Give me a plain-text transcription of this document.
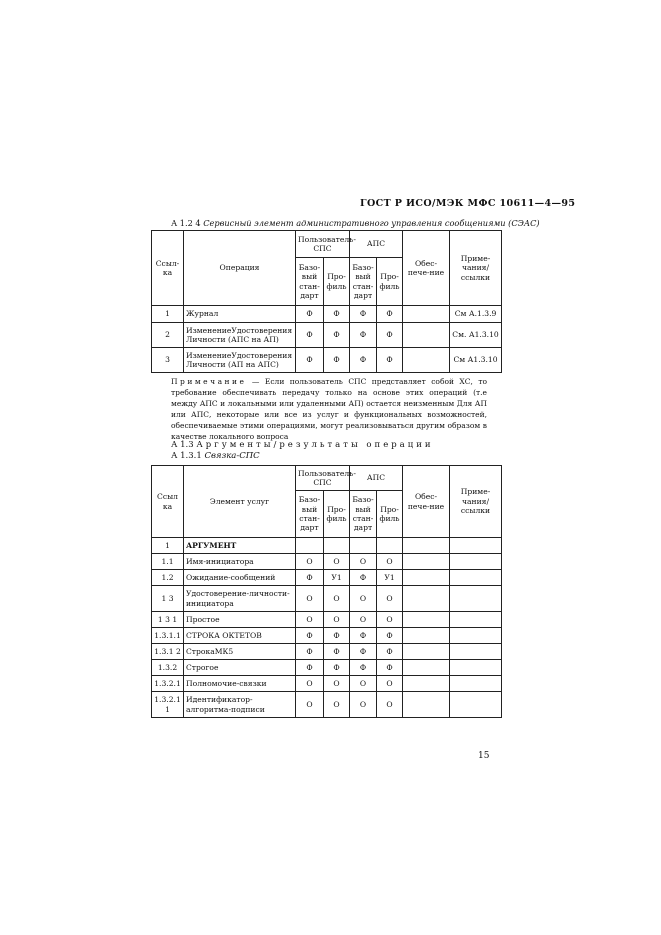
ГОСТ Р ИСО/МЭК МФС 10611—4—95
А 1.2 4 Сервисный элемент административного управления сообщениями (СЭАС)
Ссыл-ка	Операция	Пользователь-СПС		АПС		Обес-пече-ние	Приме-чания/ ссылки
		Базо-вый стан-дарт	Про-филь	Базо-вый стан-дарт	Про-филь		
1	Журнал	Ф	Ф	Ф	Ф		См А.1.3.9
2	ИзменениеУдостоверения Личности (АПС на АП)	Ф	Ф	Ф	Ф		См. А1.3.10
3	ИзменениеУдостоверения Личности (АП на АПС)	Ф	Ф	Ф	Ф		См А1.3.10
Примечание — Если пользователь СПС представляет собой ХС, то требование обеспечивать передачу только на основе этих операций (т.е между АПС и локальными или удаленными АП) остается неизменным Для АП или АПС, некоторые или все из услуг и функциональных возможностей, обеспечиваемые этими операциями, могут реализовываться другим образом в качестве локального вопроса
А 1.3 Аргументы/результаты операции
А 1.3.1 Связка-СПС
Ссыл ка	Элемент услуг	Пользователь-СПС		АПС		Обес-пече-ние	Приме-чания/ ссылки
		Базо-вый стан-дарт	Про-филь	Базо-вый стан-дарт	Про-филь		
1	АРГУМЕНТ						
1.1	Имя-инициатора	О	О	О	О		
1.2	Ожидание-сообщений	Ф	У1	Ф	У1		
1 3	Удостоверение-личности-инициатора	О	О	О	О		
1 3 1	Простое	О	О	О	О		
1.3.1.1	СТРОКА ОКТЕТОВ	Ф	Ф	Ф	Ф		
1.3.1 2	СтрокаМК5	Ф	Ф	Ф	Ф		
1.3.2	Строгое	Ф	Ф	Ф	Ф		
1.3.2.1	Полномочие-связки	О	О	О	О		
1.3.2.1 1	Идентификатор-алгоритма-подписи	О	О	О	О		
15
